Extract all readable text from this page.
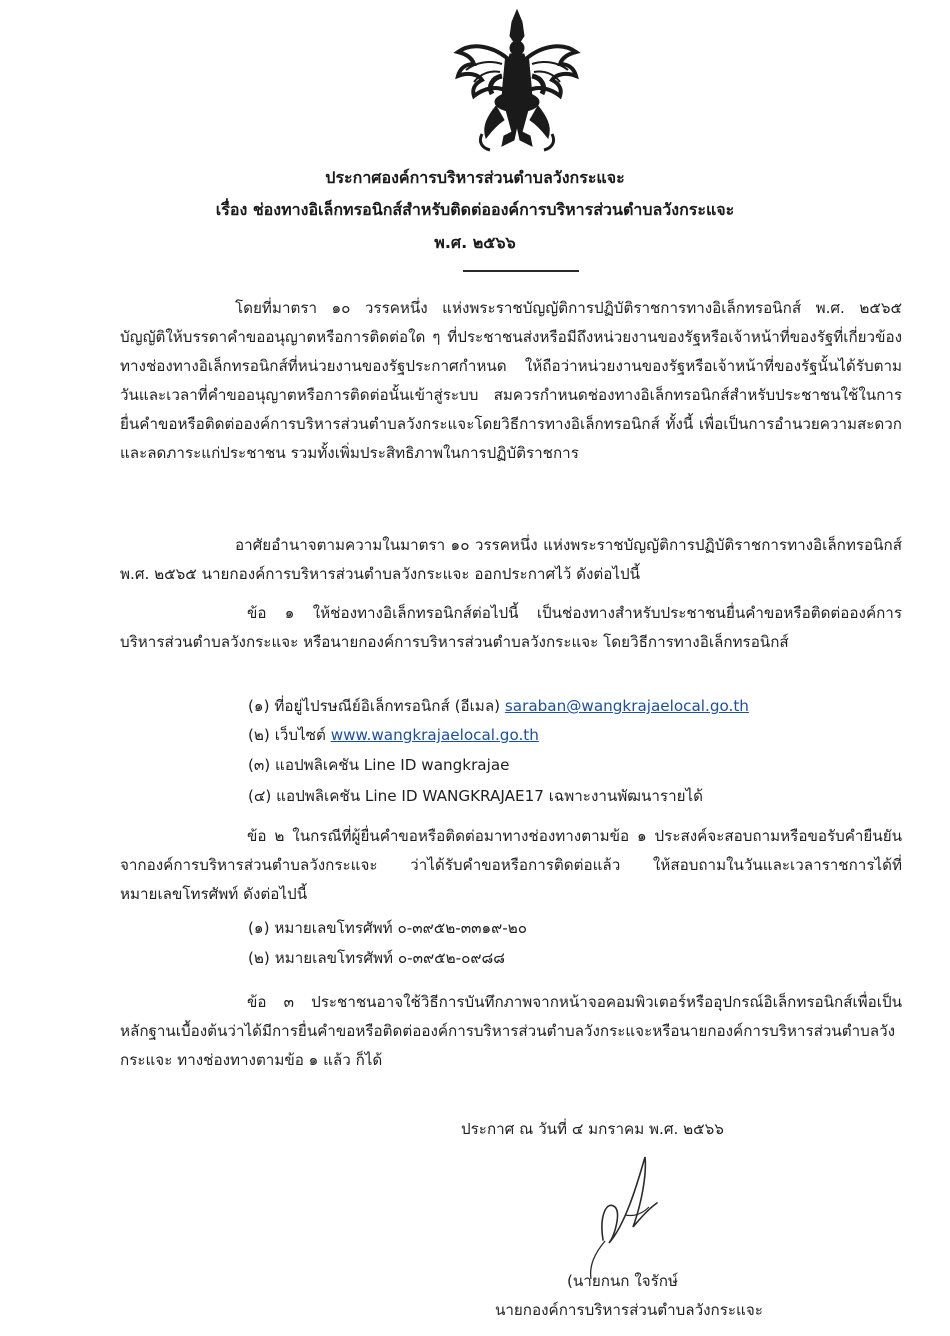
ประกาศองค์การบริหารส่วนตำบลวังกระแจะ
เรื่อง ช่องทางอิเล็กทรอนิกส์สำหรับติดต่อองค์การบริหารส่วนตำบลวังกระแจะ
พ.ศ. ๒๕๖๖
โดยที่มาตรา ๑๐ วรรคหนึ่ง แห่งพระราชบัญญัติการปฏิบัติราชการทางอิเล็กทรอนิกส์ พ.ศ. ๒๕๖๕ บัญญัติให้บรรดาคำขออนุญาตหรือการติดต่อใด ๆ ที่ประชาชนส่งหรือมีถึงหน่วยงานของรัฐหรือเจ้าหน้าที่ของรัฐที่เกี่ยวข้องทางช่องทางอิเล็กทรอนิกส์ที่หน่วยงานของรัฐประกาศกำหนด ให้ถือว่าหน่วยงานของรัฐหรือเจ้าหน้าที่ของรัฐนั้นได้รับตามวันและเวลาที่คำขออนุญาตหรือการติดต่อนั้นเข้าสู่ระบบ สมควรกำหนดช่องทางอิเล็กทรอนิกส์สำหรับประชาชนใช้ในการยื่นคำขอหรือติดต่อองค์การบริหารส่วนตำบลวังกระแจะโดยวิธีการทางอิเล็กทรอนิกส์ ทั้งนี้ เพื่อเป็นการอำนวยความสะดวกและลดภาระแก่ประชาชน รวมทั้งเพิ่มประสิทธิภาพในการปฏิบัติราชการ
อาศัยอำนาจตามความในมาตรา ๑๐ วรรคหนึ่ง แห่งพระราชบัญญัติการปฏิบัติราชการทางอิเล็กทรอนิกส์ พ.ศ. ๒๕๖๕ นายกองค์การบริหารส่วนตำบลวังกระแจะ ออกประกาศไว้ ดังต่อไปนี้
ข้อ ๑ ให้ช่องทางอิเล็กทรอนิกส์ต่อไปนี้ เป็นช่องทางสำหรับประชาชนยื่นคำขอหรือติดต่อองค์การบริหารส่วนตำบลวังกระแจะ หรือนายกองค์การบริหารส่วนตำบลวังกระแจะ โดยวิธีการทางอิเล็กทรอนิกส์
(๑) ที่อยู่ไปรษณีย์อิเล็กทรอนิกส์ (อีเมล) saraban@wangkrajaelocal.go.th
(๒) เว็บไซต์ www.wangkrajaelocal.go.th
(๓) แอปพลิเคชัน Line ID wangkrajae
(๔) แอปพลิเคชัน Line ID WANGKRAJAE17 เฉพาะงานพัฒนารายได้
ข้อ ๒ ในกรณีที่ผู้ยื่นคำขอหรือติดต่อมาทางช่องทางตามข้อ ๑ ประสงค์จะสอบถามหรือขอรับคำยืนยันจากองค์การบริหารส่วนตำบลวังกระแจะ ว่าได้รับคำขอหรือการติดต่อแล้ว ให้สอบถามในวันและเวลาราชการได้ที่หมายเลขโทรศัพท์ ดังต่อไปนี้
(๑) หมายเลขโทรศัพท์ ๐-๓๙๕๒-๓๓๑๙-๒๐
(๒) หมายเลขโทรศัพท์ ๐-๓๙๕๒-๐๙๘๘
ข้อ ๓ ประชาชนอาจใช้วิธีการบันทึกภาพจากหน้าจอคอมพิวเตอร์หรืออุปกรณ์อิเล็กทรอนิกส์เพื่อเป็นหลักฐานเบื้องต้นว่าได้มีการยื่นคำขอหรือติดต่อองค์การบริหารส่วนตำบลวังกระแจะหรือนายกองค์การบริหารส่วนตำบลวังกระแจะ ทางช่องทางตามข้อ ๑ แล้ว ก็ได้
ประกาศ ณ วันที่ ๔ มกราคม พ.ศ. ๒๕๖๖
(นายกนก ใจรักษ์
นายกองค์การบริหารส่วนตำบลวังกระแจะ
